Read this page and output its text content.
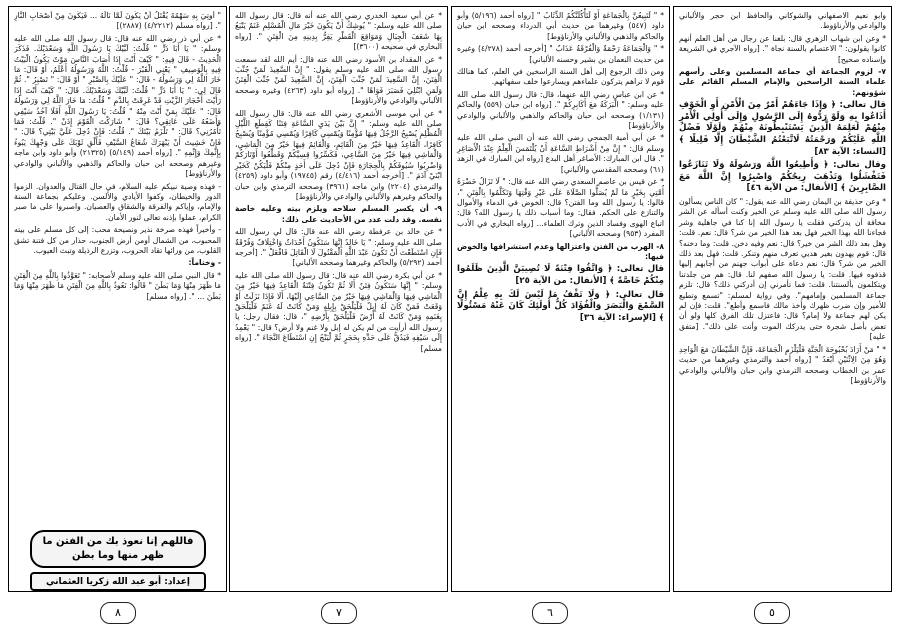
وابو نعيم الاصفهاني والشوكاني والحافظ ابن حجر والألباني والوادعي والأرناؤوط.

* وعن ابن شهاب الزهري قال: بلغنا عن رجال من أهل العلم أنهم كانوا يقولون: " الاعتصام بالسنة نجاة ". [رواه الآجري في الشريعة وإسناده صحيح]

٧- لزوم الجماعة أي جماعة المسلمين وعلى رأسهم علماء السنة الراسخين والإمام المسلم القائم على شؤونهم:

قال تعالى: ﴿ وَإِذَا جَاءَهُمْ أَمْرٌ مِنَ الْأَمْنِ أَوِ الْخَوْفِ أَذَاعُوا بِهِ وَلَوْ رَدُّوهُ إِلَى الرَّسُولِ وَإِلَى أُولِي الْأَمْرِ مِنْهُمْ لَعَلِمَهُ الَّذِينَ يَسْتَنْبِطُونَهُ مِنْهُمْ وَلَوْلَا فَضْلُ اللَّهِ عَلَيْكُمْ وَرَحْمَتُهُ لَاتَّبَعْتُمُ الشَّيْطَانَ إِلَّا قَلِيلًا ﴾ [النساء: الآية ٨٣]

وقال تعالى: ﴿ وَأَطِيعُوا اللَّهَ وَرَسُولَهُ وَلَا تَنَازَعُوا فَتَفْشَلُوا وَتَذْهَبَ رِيحُكُمْ وَاصْبِرُوا إِنَّ اللَّهَ مَعَ الصَّابِرِينَ ﴾ [الأنفال: من الآية ٤٦]

* وعن حذيفة بن اليمان رضي الله عنه يقول: " كان الناس يسألون رسول الله صلى الله عليه وسلم عن الخير وكنت أسأله عن الشر مخافة أن يدركني فقلت يا رسول الله إنا كنا في جاهلية وشر فجاءنا الله بهذا الخير فهل بعد هذا الخير من شر؟ قال: نعم. قلت: وهل بعد ذلك الشر من خير؟ قال: نعم وفيه دخن. قلت: وما دخنه؟ قال: قوم يهدون بغير هديي تعرف منهم وتنكر. قلت: فهل بعد ذلك الخير من شر؟ قال: نعم دعاة على أبواب جهنم من أجابهم إليها قذفوه فيها. قلت: يا رسول الله صفهم لنا. قال: هم من جلدتنا ويتكلمون بألسنتنا. قلت: فما تأمرني إن أدركني ذلك؟ قال: تلزم جماعة المسلمين وإمامهم". وفي رواية لمسلم: "تسمع وتطيع للأمير وإن ضرب ظهرك وأخذ مالك فاسمع وأطع". قلت: فإن لم يكن لهم جماعة ولا إمام؟ قال: فاعتزل تلك الفرق كلها ولو أن تعض بأصل شجرة حتى يدركك الموت وأنت على ذلك". [متفق عليه]

* " مَنْ أَرَادَ بُحْبُوحَةَ الْجَنَّةِ فَلْيَلْزَمِ الْجَمَاعَةَ، فَإِنَّ الشَّيْطَانَ مَعَ الْوَاحِدِ وَهُوَ مِنَ الِاثْنَيْنِ أَبْعَدُ " [رواه أحمد والترمذي وغيرهما من حديث عمر بن الخطاب وصححه الترمذي وابن حبان والألباني والوادعي والأرناؤوط]

* " لَتَبِيعُنَّ بِالْجَمَاعَةِ أَوْ لَتَأْكُلَنَّكُمُ الذِّئَابُ " [رواه أحمد (٥/١٩٦) وأبو داود (٥٤٧) وغيرهما من حديث أبي الدرداء وصححه ابن حبان والحاكم والذهبي والألباني والأرناؤوط]

* " وَالْجَمَاعَةُ رَحْمَةٌ وَالْفُرْقَةُ عَذَابٌ " [أخرجه أحمد (٤/٢٧٨) وغيره من حديث النعمان بن بشير وحسنه الألباني]

ومن ذلك الرجوع إلى أهل السنة الراسخين في العلم، كما هنالك قوم لا تراهم يتركون علماءهم ويسارعوا خلف سفهائهم.

* عن ابن عباس رضي الله عنهما، قال: قال رسول الله صلى الله عليه وسلم: " الْبَرَكَةُ مَعَ أَكَابِرِكُمْ ". [رواه ابن حبان (٥٥٩) والحاكم (١/١٣١) وصححه ابن حبان والحاكم والذهبي والألباني والوادعي والأرناؤوط]

* عن أبي أمية الجمحي رضي الله عنه أن النبي صلى الله عليه وسلم قال: " إِنَّ مِنْ أَشْرَاطِ السَّاعَةِ أَنْ يُلْتَمَسَ الْعِلْمُ عِنْدَ الْأَصَاغِرِ ". قال ابن المبارك: الأصاغر أهل البدع [رواه ابن المبارك في الزهد (٦١) وصححه المقدسي والألباني]

* عن قيس بن عاصم السعدي رضي الله عنه قال: " لَا تَزَالُ حَضْرَةُ أُمَّتِي بِخَيْرٍ مَا لَمْ يُصَلُّوا الصَّلَاةَ عَلَى غَيْرِ وَقْتِهَا وَتَكَلَّمُوا بِالْفِتَنِ "، قالوا: يا رسول الله وما الفتن؟ قال: الخوض في الدماء والأموال والتنازع على الحكم. فقال: وما أسباب ذلك يا رسول الله؟ قال: اتباع الهوى وفساد الدين وترك العلماء... [رواه البخاري في الأدب المفرد (٩٥٣) وصححه الألباني]

٨- الهرب من الفتن واعتزالها وعدم استشرافها والخوض فيها:

قال تعالى: ﴿ وَاتَّقُوا فِتْنَةً لَا تُصِيبَنَّ الَّذِينَ ظَلَمُوا مِنْكُمْ خَاصَّةً ﴾ [الأنفال: من الآية ٢٥]

قال تعالى: ﴿ وَلَا تَقْفُ مَا لَيْسَ لَكَ بِهِ عِلْمٌ إِنَّ السَّمْعَ وَالْبَصَرَ وَالْفُؤَادَ كُلُّ أُولَئِكَ كَانَ عَنْهُ مَسْئُولًا ﴾ [الإسراء: الآية ٣٦]

* عن أبي سعيد الخدري رضي الله عنه أنه قال: قال رسول الله صلى الله عليه وسلم: " يُوشِكُ أَنْ يَكُونَ خَيْرَ مَالِ الْمُسْلِمِ غَنَمٌ يَتْبَعُ بِهَا شَعَفَ الْجِبَالِ وَمَوَاقِعَ الْقَطْرِ يَفِرُّ بِدِينِهِ مِنَ الْفِتَنِ ". [رواه البخاري في صحيحه (٣٦٠٠)]

* عن المقداد بن الأسود رضي الله عنه قال: أيم الله لقد سمعت رسول الله صلى الله عليه وسلم يقول: " إِنَّ السَّعِيدَ لَمَنْ جُنِّبَ الْفِتَنَ، إِنَّ السَّعِيدَ لَمَنْ جُنِّبَ الْفِتَنَ، إِنَّ السَّعِيدَ لَمَنْ جُنِّبَ الْفِتَنُ وَلَمَنِ ابْتُلِيَ فَصَبَرَ فَوَاهًا ". [رواه أبو داود (٤٢٦٣) وغيره وصححه الألباني والوادعي والأرناؤوط]

* عن أبي موسى الأشعري رضي الله عنه قال: قال رسول الله صلى الله عليه وسلم: " إِنَّ بَيْنَ يَدَيِ السَّاعَةِ فِتَنًا كَقِطَعِ اللَّيْلِ الْمُظْلِمِ يُصْبِحُ الرَّجُلُ فِيهَا مُؤْمِنًا وَيُمْسِي كَافِرًا وَيُمْسِي مُؤْمِنًا وَيُصْبِحُ كَافِرًا، الْقَاعِدُ فِيهَا خَيْرٌ مِنَ الْقَائِمِ، وَالْقَائِمُ فِيهَا خَيْرٌ مِنَ الْمَاشِي، وَالْمَاشِي فِيهَا خَيْرٌ مِنَ السَّاعِي، فَكَسِّرُوا قِسِيَّكُمْ وَقَطِّعُوا أَوْتَارَكُمْ وَاضْرِبُوا سُيُوفَكُمْ بِالْحِجَارَةِ فَإِنْ دُخِلَ عَلَى أَحَدٍ مِنْكُمْ فَلْيَكُنْ كَخَيْرِ ابْنَيْ آدَمَ ". [أخرجه أحمد (٤/٤١٦) رقم (١٩٧٤٥) وأبو داود (٤٢٥٩) والترمذي (٢٢٠٤) وابن ماجه (٣٩٦١) وصححه الترمذي وابن حبان والحاكم وغيرهم والألباني والوادعي والأرناؤوط]

٩- أن يكسر المسلم سلاحه ويلزم بيته وعليه خاصة نفسه. وقد دلت عدد من الأحاديث على ذلك:

* عن خالد بن عرفطة رضي الله عنه قال: قال لي رسول الله صلى الله عليه وسلم: " يَا خَالِدُ إِنَّهَا سَتَكُونُ أَحْدَاثٌ وَاخْتِلَافٌ وَفُرْقَةٌ فَإِنِ اسْتَطَعْتَ أَنْ تَكُونَ عَبْدَ اللَّهِ الْمَقْتُولَ لَا الْقَاتِلَ فَافْعَلْ ". [أخرجه أحمد (٥/٢٩٢) والحاكم وغيرهما وصححه الألباني]

* عن أبي بكرة رضي الله عنه قال: قال رسول الله صلى الله عليه وسلم: " إِنَّهَا سَتَكُونُ فِتَنٌ أَلَا ثُمَّ تَكُونُ فِتْنَةٌ الْقَاعِدُ فِيهَا خَيْرٌ مِنَ الْمَاشِي فِيهَا وَالْمَاشِي فِيهَا خَيْرٌ مِنَ السَّاعِي إِلَيْهَا، أَلَا فَإِذَا نَزَلَتْ أَوْ وَقَعَتْ فَمَنْ كَانَ لَهُ إِبِلٌ فَلْيَلْحَقْ بِإِبِلِهِ وَمَنْ كَانَتْ لَهُ غَنَمٌ فَلْيَلْحَقْ بِغَنَمِهِ وَمَنْ كَانَتْ لَهُ أَرْضٌ فَلْيَلْحَقْ بِأَرْضِهِ "، قال: فقال رجل: يا رسول الله أرأيت من لم يكن له إبل ولا غنم ولا أرض؟ قال: " يَعْمِدُ إِلَى سَيْفِهِ فَيَدُقُّ عَلَى حَدِّهِ بِحَجَرٍ ثُمَّ لْيَنْجُ إِنِ اسْتَطَاعَ النَّجَاءَ ". [رواه مسلم]

" أُوتِيَ بِهِ سَهْمُهُ يُقْتَلُ أَنْ يَكُونَ لَمَّا نَالَهُ ... فَيَكُونَ مِنْ أَصْحَابِ النَّارِ ". [رواه مسلم (٤/٢٢١٢) (٢٨٨٧)]

* عن أبي ذر رضي الله عنه قال: قال رسول الله صلى الله عليه وسلم: " يَا أَبَا ذَرٍّ " قُلْتُ: لَبَّيْكَ يَا رَسُولَ اللَّهِ وَسَعْدَيْكَ. فَذَكَرَ الْحَدِيثَ - قَالَ فِيهِ: " كَيْفَ أَنْتَ إِذَا أَصَابَ النَّاسَ مَوْتٌ يَكُونُ الْبَيْتُ فِيهِ بِالْوَصِيفِ " يَعْنِي الْقَبْرَ - قُلْتُ: اللَّهُ وَرَسُولُهُ أَعْلَمُ، أَوْ قَالَ: مَا خَارَ اللَّهُ لِي وَرَسُولُهُ - قَالَ: " عَلَيْكَ بِالصَّبْرِ " أَوْ قَالَ: " تَصْبِرُ ". ثُمَّ قَالَ لِي: " يَا أَبَا ذَرٍّ " قُلْتُ: لَبَّيْكَ وَسَعْدَيْكَ. قَالَ: " كَيْفَ أَنْتَ إِذَا رَأَيْتَ أَحْجَارَ الزَّيْتِ قَدْ غَرِقَتْ بِالدَّمِ " قُلْتُ: مَا خَارَ اللَّهُ لِي وَرَسُولُهُ قَالَ: " عَلَيْكَ بِمَنْ أَنْتَ مِنْهُ " قُلْتُ: يَا رَسُولَ اللَّهِ أَفَلَا آخُذُ سَيْفِي وَأَضَعُهُ عَلَى عَاتِقِي؟ قَالَ: " شَارَكْتَ الْقَوْمَ إِذَنْ ". قُلْتُ: فَمَا تَأْمُرُنِي؟ قَالَ: " تَلْزَمُ بَيْتَكَ ". قُلْتُ: فَإِنْ دُخِلَ عَلَيَّ بَيْتِي؟ قَالَ: " فَإِنْ خَشِيتَ أَنْ يَبْهَرَكَ شُعَاعُ السَّيْفِ فَأَلْقِ ثَوْبَكَ عَلَى وَجْهِكَ يَبُوءُ بِإِثْمِكَ وَإِثْمِهِ ". [رواه أحمد (٥/١٤٩) (٢١٣٢٥) وأبو داود وابن ماجه وغيرهم وصححه ابن حبان والحاكم والذهبي والألباني والوادعي والأرناؤوط]

- فهذه وصية نبيكم عليه السلام، في حال القتال والعدوان. الزموا الدور والخيطان، وكفوا الأيادي والألسن. وعليكم بجماعة السنة والإمام، وإياكم والفرقة والشقاق والعصيان. واصبروا على ما صبر الكرام، عملوا بإذنه تعالى لنور الأمان.

- وأخيراً فهذه صرخة نذير ونصيحة محب: إلى كل مسلم على بيته المحبوب، من الشمال أومن أرض الجنوب، حذار من كل فتنة تشق القلوب، من ورائها تقاد الحروب، وتزرع الرذيلة وتبث العيوب.

- وختاماً:

* قال النبي صلى الله عليه وسلم لأصحابه: " تَعَوَّذُوا بِاللَّهِ مِنَ الْفِتَنِ مَا ظَهَرَ مِنْهَا وَمَا بَطَنَ " قَالُوا: نَعُوذُ بِاللَّهِ مِنَ الْفِتَنِ مَا ظَهَرَ مِنْهَا وَمَا بَطَنَ ... ". [رواه مسلم]

فاللهم إنا نعوذ بك من الفتن ما ظهر منها وما بطن
إعداد: أبو عبد الله زكريا العثماني
٥
٦
٧
٨
